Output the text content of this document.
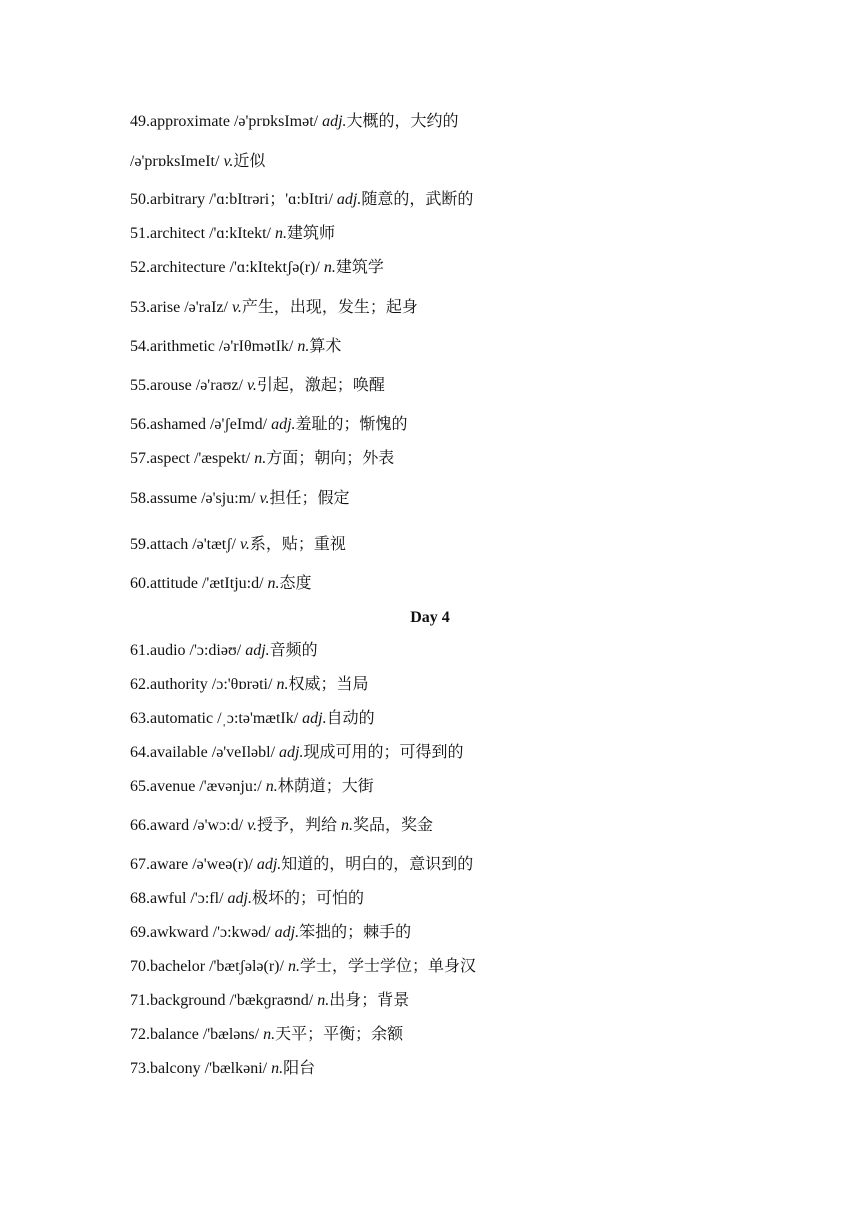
49.approximate /ə'prɒksImət/ adj.大概的，大约的
/ə'prɒksImeIt/ v.近似
50.arbitrary /'ɑ:bItrəri；'ɑ:bItri/ adj.随意的，武断的
51.architect /'ɑ:kItekt/ n.建筑师
52.architecture /'ɑ:kItektʃə(r)/ n.建筑学
53.arise /ə'raIz/ v.产生，出现，发生；起身
54.arithmetic /ə'rIθmətIk/ n.算术
55.arouse /ə'raʊz/ v.引起，激起；唤醒
56.ashamed /ə'ʃeImd/ adj.羞耻的；惭愧的
57.aspect /'æspekt/ n.方面；朝向；外表
58.assume /ə'sju:m/ v.担任；假定
59.attach /ə'tætʃ/ v.系，贴；重视
60.attitude /'ætItju:d/ n.态度
Day 4
61.audio /'ɔ:diəʊ/ adj.音频的
62.authority /ɔ:'θɒrəti/ n.权威；当局
63.automatic /ˌɔ:tə'mætIk/ adj.自动的
64.available /ə'veIləbl/ adj.现成可用的；可得到的
65.avenue /'ævənju:/ n.林荫道；大街
66.award /ə'wɔ:d/ v.授予，判给 n.奖品，奖金
67.aware /ə'weə(r)/ adj.知道的，明白的，意识到的
68.awful /'ɔ:fl/ adj.极坏的；可怕的
69.awkward /'ɔ:kwəd/ adj.笨拙的；棘手的
70.bachelor /'bætʃələ(r)/ n.学士，学士学位；单身汉
71.background /'bækɡraʊnd/ n.出身；背景
72.balance /'bæləns/ n.天平；平衡；余额
73.balcony /'bælkəni/ n.阳台
